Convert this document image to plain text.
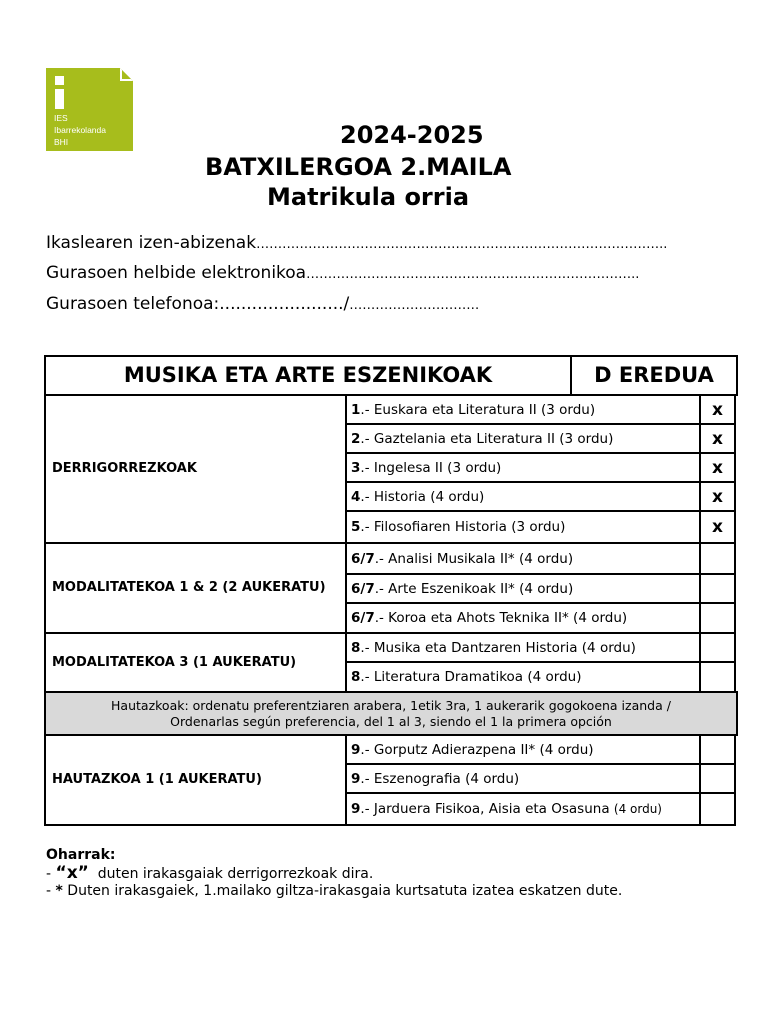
IES
Ibarrekolanda
BHI	2024-2025
BATXILERGOA 2.MAILA
Matrikula orria
Ikaslearen izen-abizenak…………………………………………………………………………………..
Gurasoen helbide elektronikoa…………………………………………………………………..
Gurasoen telefonoa:......................./…………………………
MUSIKA ETA ARTE ESZENIKOAK	D EREDUA
DERRIGORREZKOAK
1 .- Euskara eta Literatura II (3 ordu)	x
2 .- Gaztelania eta Literatura II (3 ordu)	x
3 .- Ingelesa II (3 ordu)	x
4 .- Historia (4 ordu)	x
5 .- Filosofiaren Historia (3 ordu)	x
MODALITATEKOA 1 & 2 (2 AUKERATU)
6/7 .- Analisi Musikala II* (4 ordu)
6/7 .- Arte Eszenikoak II* (4 ordu)
6/7 .- Koroa eta Ahots Teknika II* (4 ordu)
MODALITATEKOA 3 (1 AUKERATU)
8 .- Musika eta Dantzaren Historia (4 ordu)
8 .- Literatura Dramatikoa (4 ordu)
Hautazkoak: ordenatu preferentziaren arabera, 1etik 3ra, 1 aukerarik gogokoena izanda /
Ordenarlas según preferencia, del 1 al 3, siendo el 1 la primera opción
HAUTAZKOA 1 (1 AUKERATU)
9 .- Gorputz Adierazpena II* (4 ordu)
9 .- Eszenografia (4 ordu)
9 .- Jarduera Fisikoa, Aisia eta Osasuna
(4 ordu)
Oharrak:
- “x”  duten irakasgaiak derrigorrezkoak dira.
- * Duten irakasgaiek, 1.mailako giltza-irakasgaia kurtsatuta izatea eskatzen dute.
